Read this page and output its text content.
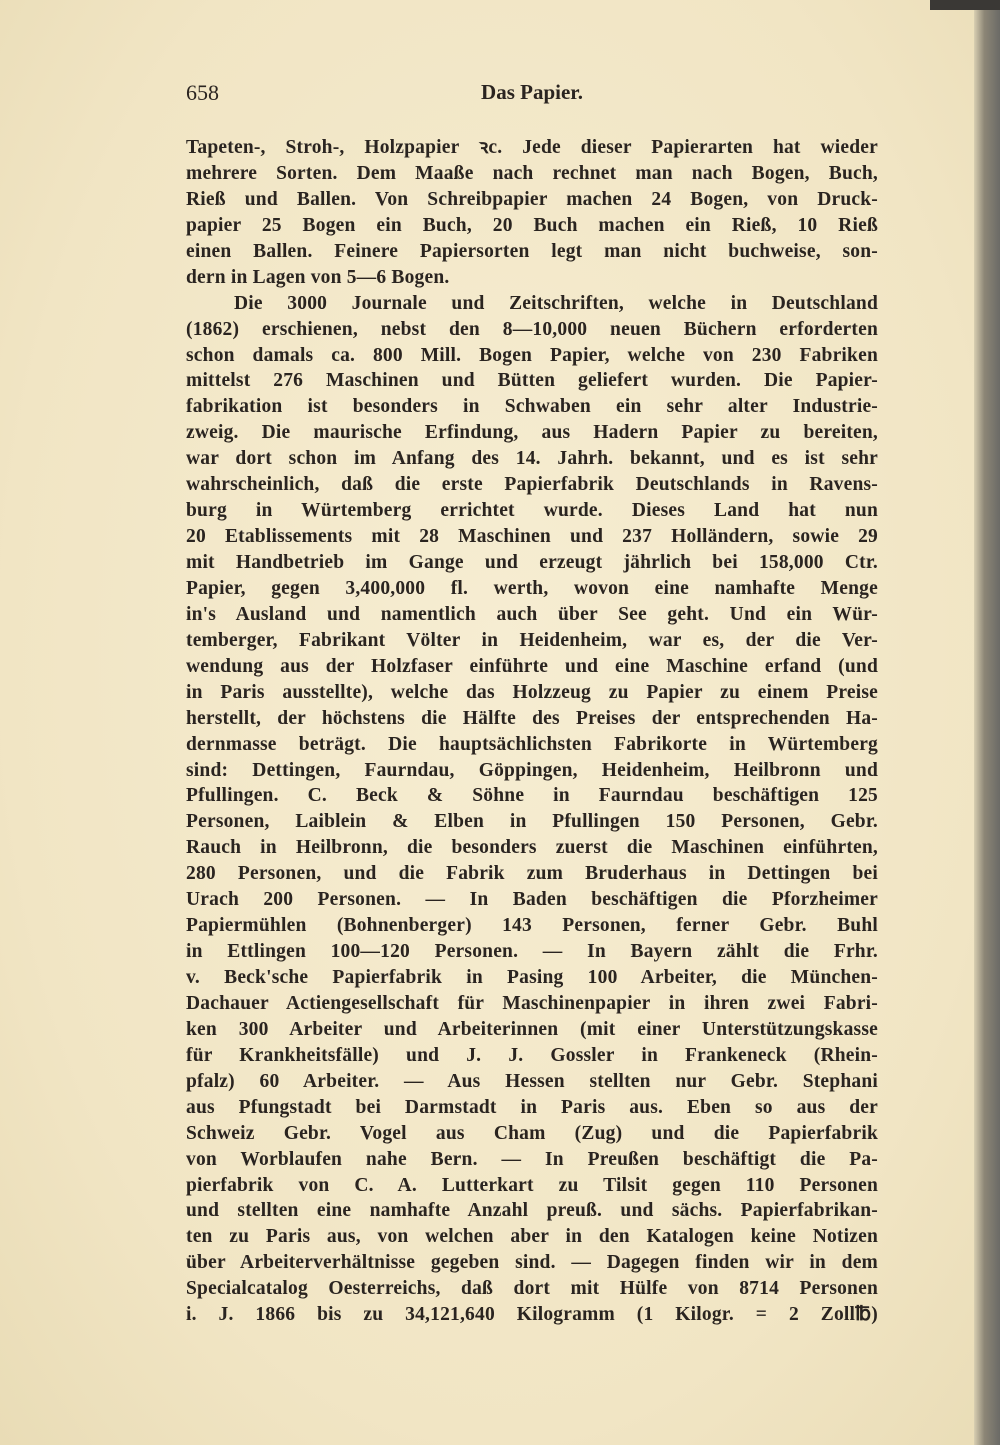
658	Das Papier.
Tapeten-, Stroh-, Holzpapier ꝛc. Jede dieser Papierarten hat wieder
mehrere Sorten. Dem Maaße nach rechnet man nach Bogen, Buch,
Rieß und Ballen. Von Schreibpapier machen 24 Bogen, von Druck-
papier 25 Bogen ein Buch, 20 Buch machen ein Rieß, 10 Rieß
einen Ballen. Feinere Papiersorten legt man nicht buchweise, son-
dern in Lagen von 5—6 Bogen.
Die 3000 Journale und Zeitschriften, welche in Deutschland
(1862) erschienen, nebst den 8—10,000 neuen Büchern erforderten
schon damals ca. 800 Mill. Bogen Papier, welche von 230 Fabriken
mittelst 276 Maschinen und Bütten geliefert wurden. Die Papier-
fabrikation ist besonders in Schwaben ein sehr alter Industrie-
zweig. Die maurische Erfindung, aus Hadern Papier zu bereiten,
war dort schon im Anfang des 14. Jahrh. bekannt, und es ist sehr
wahrscheinlich, daß die erste Papierfabrik Deutschlands in Ravens-
burg in Würtemberg errichtet wurde. Dieses Land hat nun
20 Etablissements mit 28 Maschinen und 237 Holländern, sowie 29
mit Handbetrieb im Gange und erzeugt jährlich bei 158,000 Ctr.
Papier, gegen 3,400,000 fl. werth, wovon eine namhafte Menge
in's Ausland und namentlich auch über See geht. Und ein Wür-
temberger, Fabrikant Völter in Heidenheim, war es, der die Ver-
wendung aus der Holzfaser einführte und eine Maschine erfand (und
in Paris ausstellte), welche das Holzzeug zu Papier zu einem Preise
herstellt, der höchstens die Hälfte des Preises der entsprechenden Ha-
dernmasse beträgt. Die hauptsächlichsten Fabrikorte in Würtemberg
sind: Dettingen, Faurndau, Göppingen, Heidenheim, Heilbronn und
Pfullingen. C. Beck & Söhne in Faurndau beschäftigen 125
Personen, Laiblein & Elben in Pfullingen 150 Personen, Gebr.
Rauch in Heilbronn, die besonders zuerst die Maschinen einführten,
280 Personen, und die Fabrik zum Bruderhaus in Dettingen bei
Urach 200 Personen. — In Baden beschäftigen die Pforzheimer
Papiermühlen (Bohnenberger) 143 Personen, ferner Gebr. Buhl
in Ettlingen 100—120 Personen. — In Bayern zählt die Frhr.
v. Beck'sche Papierfabrik in Pasing 100 Arbeiter, die München-
Dachauer Actiengesellschaft für Maschinenpapier in ihren zwei Fabri-
ken 300 Arbeiter und Arbeiterinnen (mit einer Unterstützungskasse
für Krankheitsfälle) und J. J. Gossler in Frankeneck (Rhein-
pfalz) 60 Arbeiter. — Aus Hessen stellten nur Gebr. Stephani
aus Pfungstadt bei Darmstadt in Paris aus. Eben so aus der
Schweiz Gebr. Vogel aus Cham (Zug) und die Papierfabrik
von Worblaufen nahe Bern. — In Preußen beschäftigt die Pa-
pierfabrik von C. A. Lutterkart zu Tilsit gegen 110 Personen
und stellten eine namhafte Anzahl preuß. und sächs. Papierfabrikan-
ten zu Paris aus, von welchen aber in den Katalogen keine Notizen
über Arbeiterverhältnisse gegeben sind. — Dagegen finden wir in dem
Specialcatalog Oesterreichs, daß dort mit Hülfe von 8714 Personen
i. J. 1866 bis zu 34,121,640 Kilogramm (1 Kilogr. = 2 Zoll℔)
